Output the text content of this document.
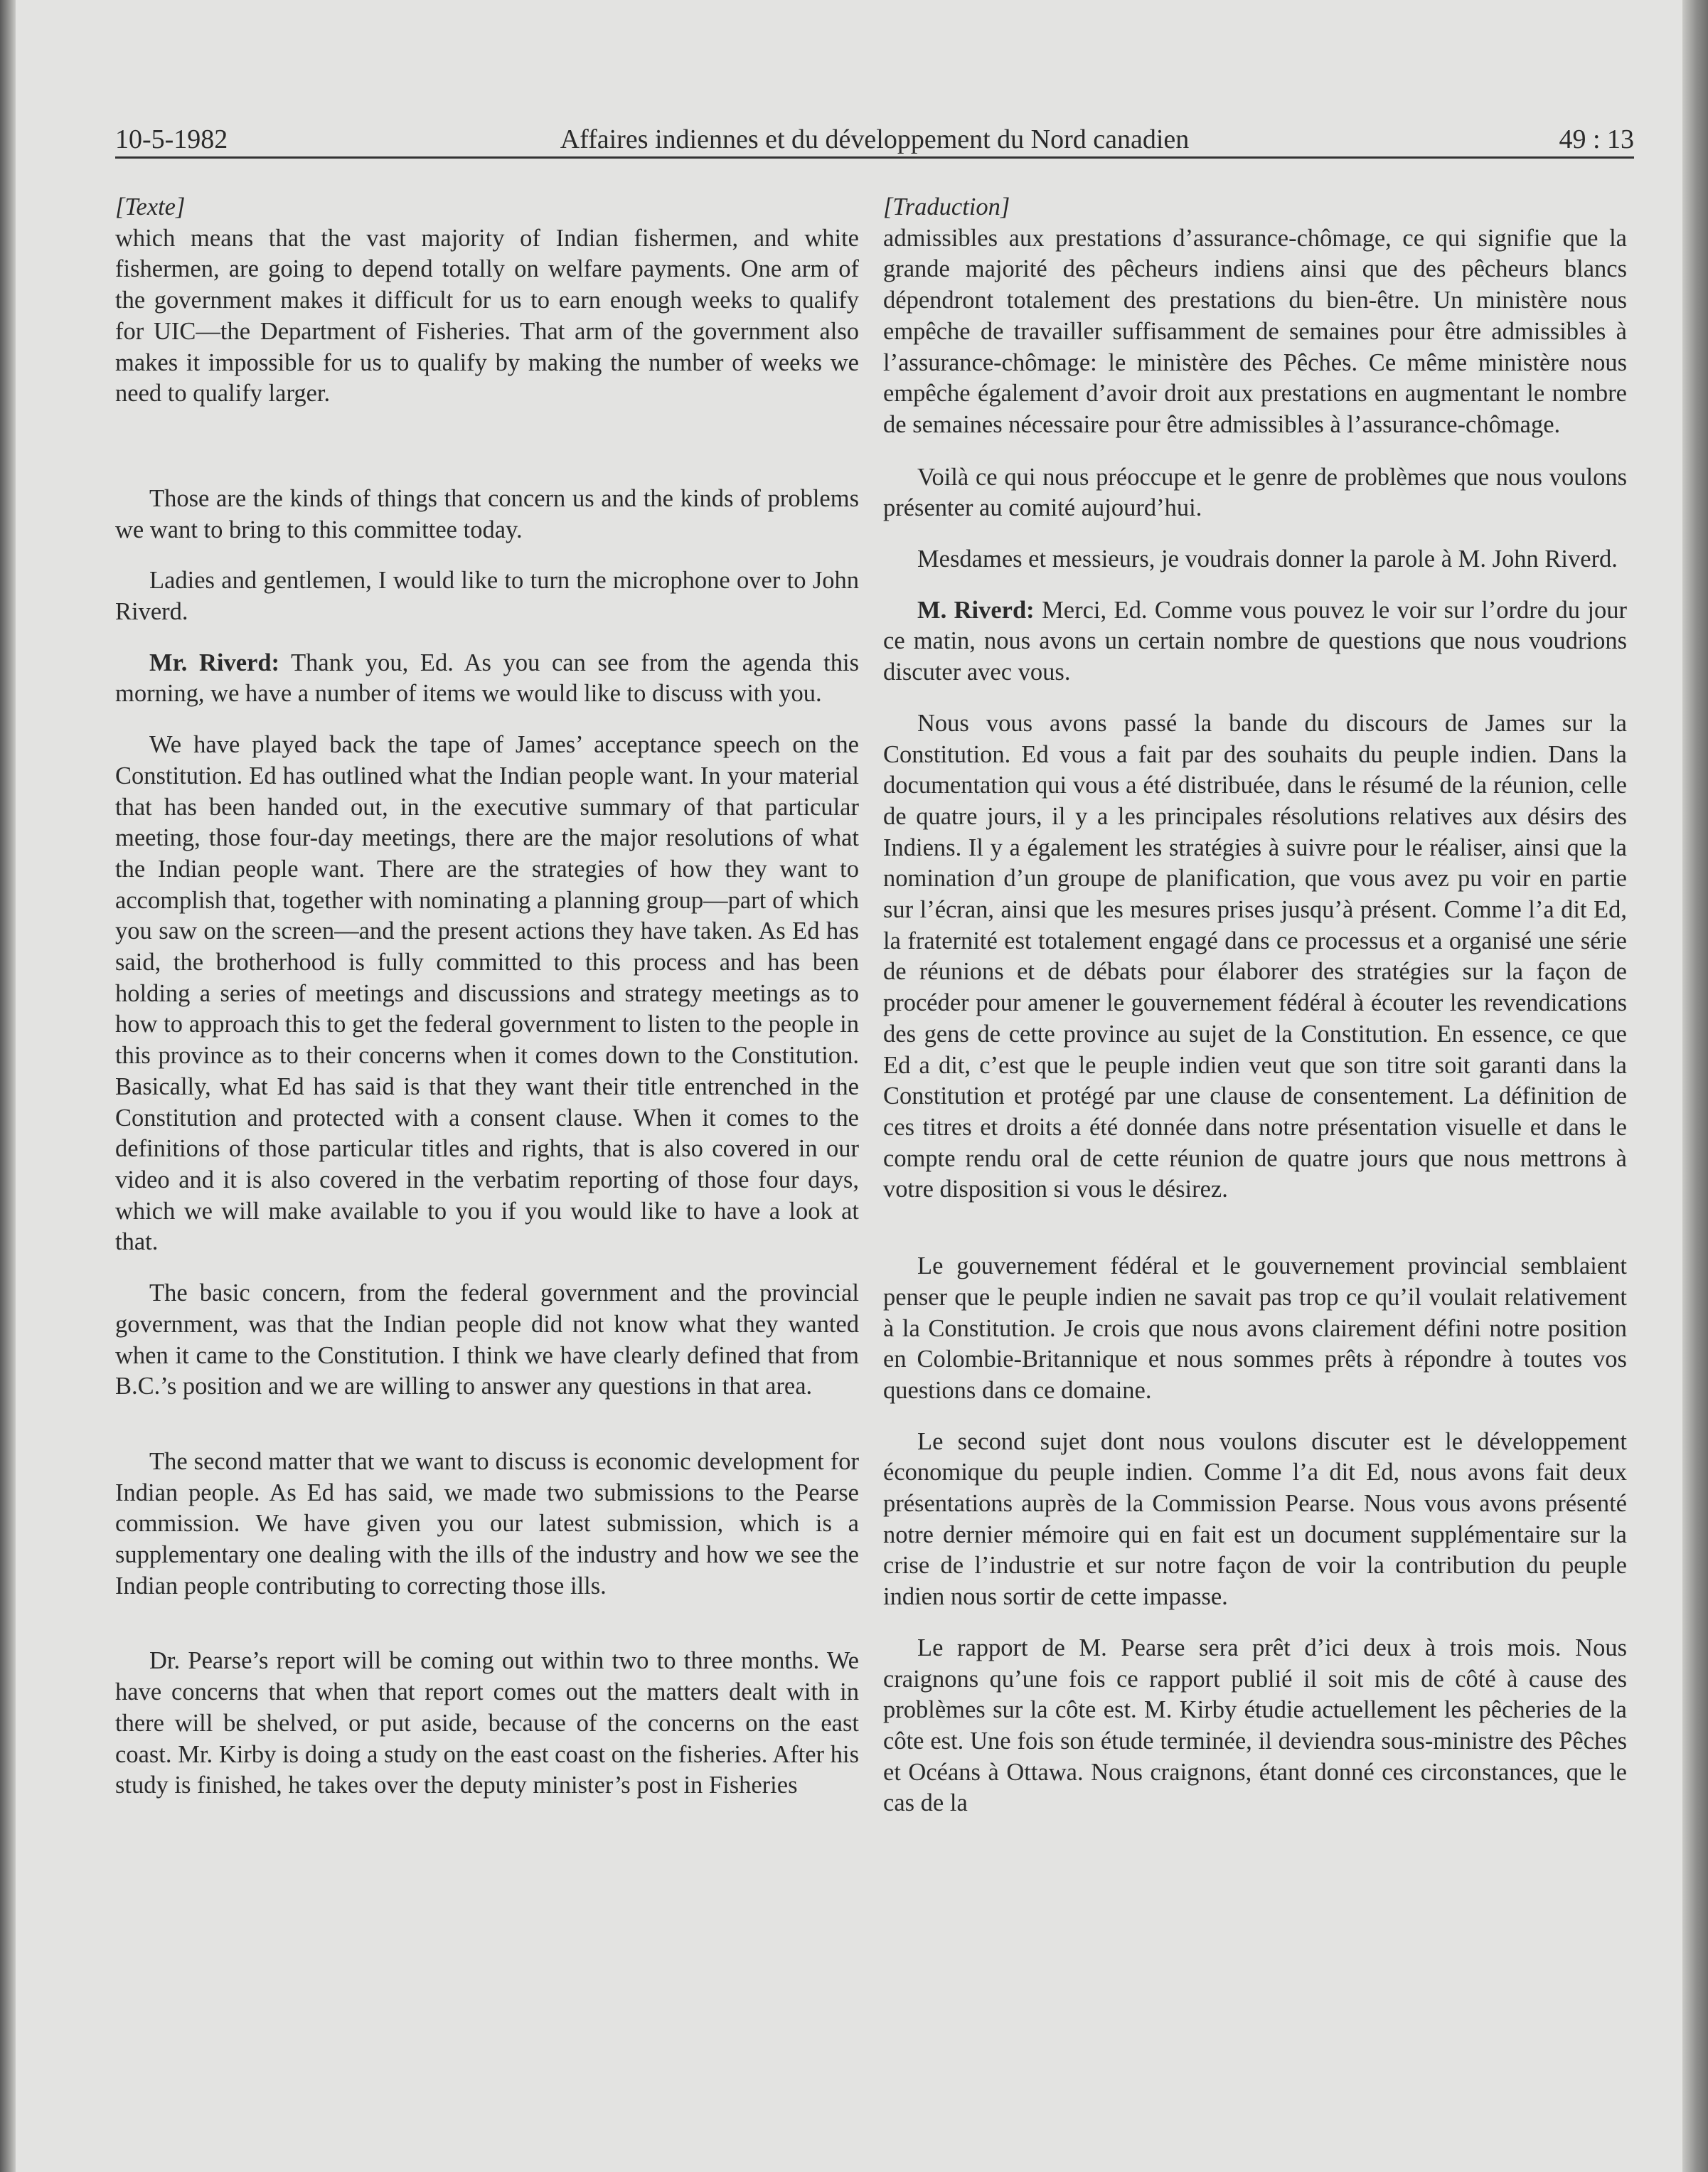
10-5-1982	Affaires indiennes et du développement du Nord canadien	49 : 13

[Texte]

which means that the vast majority of Indian fishermen, and white fishermen, are going to depend totally on welfare payments. One arm of the government makes it difficult for us to earn enough weeks to qualify for UIC—the Department of Fisheries. That arm of the government also makes it impossible for us to qualify by making the number of weeks we need to qualify larger.

Those are the kinds of things that concern us and the kinds of problems we want to bring to this committee today.

Ladies and gentlemen, I would like to turn the microphone over to John Riverd.

Mr. Riverd: Thank you, Ed. As you can see from the agenda this morning, we have a number of items we would like to discuss with you.

We have played back the tape of James’ acceptance speech on the Constitution. Ed has outlined what the Indian people want. In your material that has been handed out, in the executive summary of that particular meeting, those four-day meetings, there are the major resolutions of what the Indian people want. There are the strategies of how they want to accomplish that, together with nominating a planning group—part of which you saw on the screen—and the present actions they have taken. As Ed has said, the brotherhood is fully committed to this process and has been holding a series of meetings and discussions and strategy meetings as to how to approach this to get the federal government to listen to the people in this province as to their concerns when it comes down to the Constitution. Basically, what Ed has said is that they want their title entrenched in the Constitution and protected with a consent clause. When it comes to the definitions of those particular titles and rights, that is also covered in our video and it is also covered in the verbatim reporting of those four days, which we will make available to you if you would like to have a look at that.

The basic concern, from the federal government and the provincial government, was that the Indian people did not know what they wanted when it came to the Constitution. I think we have clearly defined that from B.C.’s position and we are willing to answer any questions in that area.

The second matter that we want to discuss is economic development for Indian people. As Ed has said, we made two submissions to the Pearse commission. We have given you our latest submission, which is a supplementary one dealing with the ills of the industry and how we see the Indian people contributing to correcting those ills.

Dr. Pearse’s report will be coming out within two to three months. We have concerns that when that report comes out the matters dealt with in there will be shelved, or put aside, because of the concerns on the east coast. Mr. Kirby is doing a study on the east coast on the fisheries. After his study is finished, he takes over the deputy minister’s post in Fisheries

[Traduction]

admissibles aux prestations d’assurance-chômage, ce qui signifie que la grande majorité des pêcheurs indiens ainsi que des pêcheurs blancs dépendront totalement des prestations du bien-être. Un ministère nous empêche de travailler suffisamment de semaines pour être admissibles à l’assurance-chômage: le ministère des Pêches. Ce même ministère nous empêche également d’avoir droit aux prestations en augmentant le nombre de semaines nécessaire pour être admissibles à l’assurance-chômage.

Voilà ce qui nous préoccupe et le genre de problèmes que nous voulons présenter au comité aujourd’hui.

Mesdames et messieurs, je voudrais donner la parole à M. John Riverd.

M. Riverd: Merci, Ed. Comme vous pouvez le voir sur l’ordre du jour ce matin, nous avons un certain nombre de questions que nous voudrions discuter avec vous.

Nous vous avons passé la bande du discours de James sur la Constitution. Ed vous a fait par des souhaits du peuple indien. Dans la documentation qui vous a été distribuée, dans le résumé de la réunion, celle de quatre jours, il y a les principales résolutions relatives aux désirs des Indiens. Il y a également les stratégies à suivre pour le réaliser, ainsi que la nomination d’un groupe de planification, que vous avez pu voir en partie sur l’écran, ainsi que les mesures prises jusqu’à présent. Comme l’a dit Ed, la fraternité est totalement engagé dans ce processus et a organisé une série de réunions et de débats pour élaborer des stratégies sur la façon de procéder pour amener le gouvernement fédéral à écouter les revendications des gens de cette province au sujet de la Constitution. En essence, ce que Ed a dit, c’est que le peuple indien veut que son titre soit garanti dans la Constitution et protégé par une clause de consentement. La définition de ces titres et droits a été donnée dans notre présentation visuelle et dans le compte rendu oral de cette réunion de quatre jours que nous mettrons à votre disposition si vous le désirez.

Le gouvernement fédéral et le gouvernement provincial semblaient penser que le peuple indien ne savait pas trop ce qu’il voulait relativement à la Constitution. Je crois que nous avons clairement défini notre position en Colombie-Britannique et nous sommes prêts à répondre à toutes vos questions dans ce domaine.

Le second sujet dont nous voulons discuter est le développement économique du peuple indien. Comme l’a dit Ed, nous avons fait deux présentations auprès de la Commission Pearse. Nous vous avons présenté notre dernier mémoire qui en fait est un document supplémentaire sur la crise de l’industrie et sur notre façon de voir la contribution du peuple indien nous sortir de cette impasse.

Le rapport de M. Pearse sera prêt d’ici deux à trois mois. Nous craignons qu’une fois ce rapport publié il soit mis de côté à cause des problèmes sur la côte est. M. Kirby étudie actuellement les pêcheries de la côte est. Une fois son étude terminée, il deviendra sous-ministre des Pêches et Océans à Ottawa. Nous craignons, étant donné ces circonstances, que le cas de la
